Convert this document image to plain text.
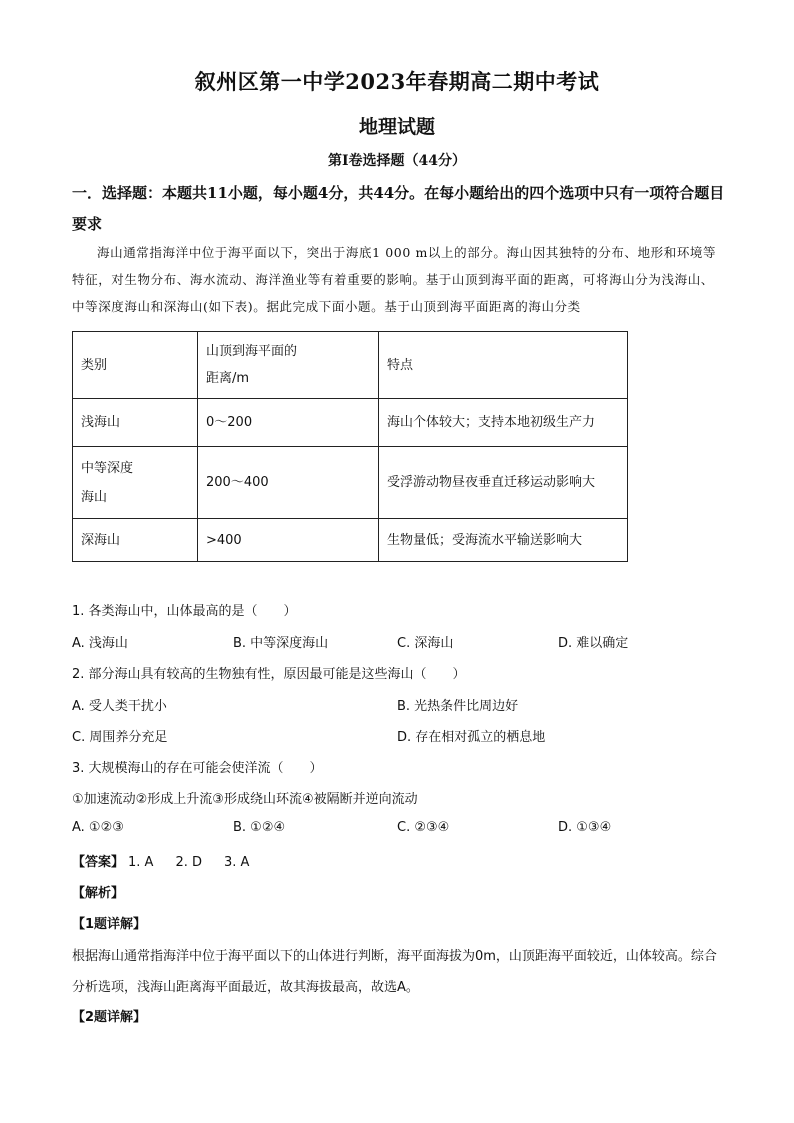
叙州区第一中学2023年春期高二期中考试
地理试题
第I卷选择题（44分）
一．选择题：本题共11小题，每小题4分，共44分。在每小题给出的四个选项中只有一项符合题目要求
海山通常指海洋中位于海平面以下，突出于海底1 000 m以上的部分。海山因其独特的分布、地形和环境等特征，对生物分布、海水流动、海洋渔业等有着重要的影响。基于山顶到海平面的距离，可将海山分为浅海山、中等深度海山和深海山(如下表)。据此完成下面小题。基于山顶到海平面距离的海山分类
类别	山顶到海平面的距离/m	特点
浅海山	0～200	海山个体较大；支持本地初级生产力

中等深度海山	200～400	受浮游动物昼夜垂直迁移运动影响大
深海山	>400	生物量低；受海流水平输送影响大
1. 各类海山中，山体最高的是（　　）
A. 浅海山	B. 中等深度海山	C. 深海山	D. 难以确定
2. 部分海山具有较高的生物独有性，原因最可能是这些海山（　　）
A. 受人类干扰小	B. 光热条件比周边好
C. 周围养分充足	D. 存在相对孤立的栖息地
3. 大规模海山的存在可能会使洋流（　　）
①加速流动②形成上升流③形成绕山环流④被隔断并逆向流动
A. ①②③	B. ①②④	C. ②③④	D. ①③④
【答案】 1. A 2. D 3. A
【解析】
【1题详解】
根据海山通常指海洋中位于海平面以下的山体进行判断，海平面海拔为0m，山顶距海平面较近，山体较高。综合分析选项，浅海山距离海平面最近，故其海拔最高，故选A。
【2题详解】
